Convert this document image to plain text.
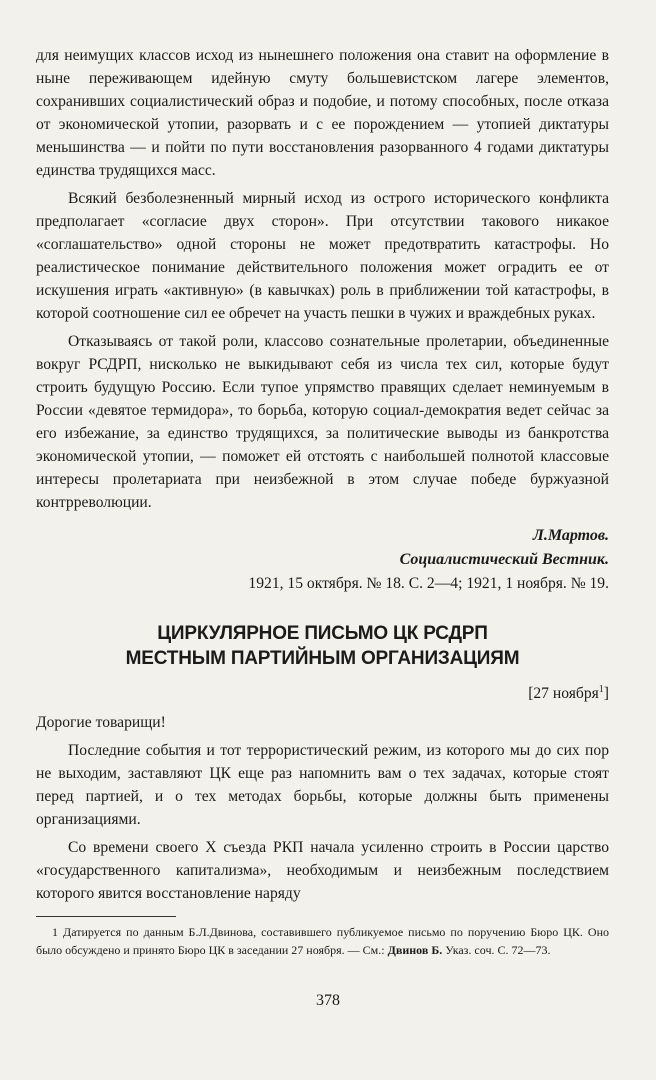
для неимущих классов исход из нынешнего положения она ставит на оформление в ныне переживающем идейную смуту большевистском лагере элементов, сохранивших социалистический образ и подобие, и потому способных, после отказа от экономической утопии, разорвать и с ее порождением — утопией диктатуры меньшинства — и пойти по пути восстановления разорванного 4 годами диктатуры единства трудящихся масс.

Всякий безболезненный мирный исход из острого исторического конфликта предполагает «согласие двух сторон». При отсутствии такового никакое «соглашательство» одной стороны не может предотвратить катастрофы. Но реалистическое понимание действительного положения может оградить ее от искушения играть «активную» (в кавычках) роль в приближении той катастрофы, в которой соотношение сил ее обречет на участь пешки в чужих и враждебных руках.

Отказываясь от такой роли, классово сознательные пролетарии, объединенные вокруг РСДРП, нисколько не выкидывают себя из числа тех сил, которые будут строить будущую Россию. Если тупое упрямство правящих сделает неминуемым в России «девятое термидора», то борьба, которую социал-демократия ведет сейчас за его избежание, за единство трудящихся, за политические выводы из банкротства экономической утопии, — поможет ей отстоять с наибольшей полнотой классовые интересы пролетариата при неизбежной в этом случае победе буржуазной контрреволюции.

Л.Мартов.
Социалистический Вестник.
1921, 15 октября. № 18. С. 2—4; 1921, 1 ноября. № 19.
ЦИРКУЛЯРНОЕ ПИСЬМО ЦК РСДРП
МЕСТНЫМ ПАРТИЙНЫМ ОРГАНИЗАЦИЯМ
[27 ноября$^1$]

Дорогие товарищи!

Последние события и тот террористический режим, из которого мы до сих пор не выходим, заставляют ЦК еще раз напомнить вам о тех задачах, которые стоят перед партией, и о тех методах борьбы, которые должны быть применены организациями.

Со времени своего X съезда РКП начала усиленно строить в России царство «государственного капитализма», необходимым и неизбежным последствием которого явится восстановление наряду

1 Датируется по данным Б.Л.Двинова, составившего публикуемое письмо по поручению Бюро ЦК. Оно было обсуждено и принято Бюро ЦК в заседании 27 ноября. — См.: Двинов Б. Указ. соч. С. 72—73.

378
